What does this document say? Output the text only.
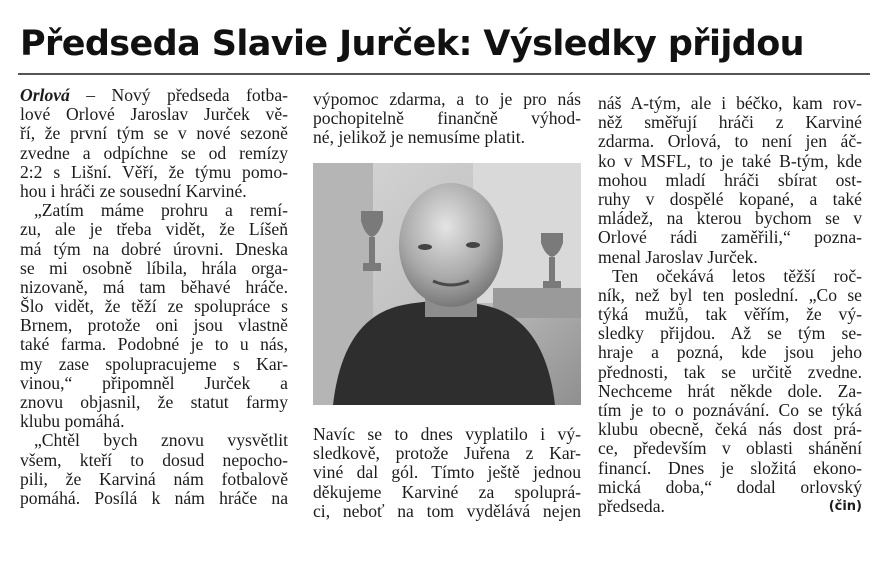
Předseda Slavie Jurček: Výsledky přijdou
Orlová – Nový předseda fotba-
lové Orlové Jaroslav Jurček vě-
ří, že první tým se v nové sezoně
zvedne a odpíchne se od remízy
2:2 s Lišní. Věří, že týmu pomo-
hou i hráči ze sousední Karviné.
„Zatím máme prohru a remí-
zu, ale je třeba vidět, že Líšeň
má tým na dobré úrovni. Dneska
se mi osobně líbila, hrála orga-
nizovaně, má tam běhavé hráče.
Šlo vidět, že těží ze spolupráce s
Brnem, protože oni jsou vlastně
také farma. Podobné je to u nás,
my zase spolupracujeme s Kar-
vinou,“ připomněl Jurček a
znovu objasnil, že statut farmy
klubu pomáhá.
„Chtěl bych znovu vysvětlit
všem, kteří to dosud nepocho-
pili, že Karviná nám fotbalově
pomáhá. Posílá k nám hráče na
výpomoc zdarma, a to je pro nás
pochopitelně finančně výhod-
né, jelikož je nemusíme platit.
Navíc se to dnes vyplatilo i vý-
sledkově, protože Juřena z Kar-
viné dal gól. Tímto ještě jednou
děkujeme Karviné za spoluprá-
ci, neboť na tom vydělává nejen
náš A-tým, ale i béčko, kam rov-
něž směřují hráči z Karviné
zdarma. Orlová, to není jen áč-
ko v MSFL, to je také B-tým, kde
mohou mladí hráči sbírat ost-
ruhy v dospělé kopané, a také
mládež, na kterou bychom se v
Orlové rádi zaměřili,“ pozna-
menal Jaroslav Jurček.
Ten očekává letos těžší roč-
ník, než byl ten poslední. „Co se
týká mužů, tak věřím, že vý-
sledky přijdou. Až se tým se-
hraje a pozná, kde jsou jeho
přednosti, tak se určitě zvedne.
Nechceme hrát někde dole. Za-
tím je to o poznávání. Co se týká
klubu obecně, čeká nás dost prá-
ce, především v oblasti shánění
financí. Dnes je složitá ekono-
mická doba,“ dodal orlovský
předseda.	(čin)
